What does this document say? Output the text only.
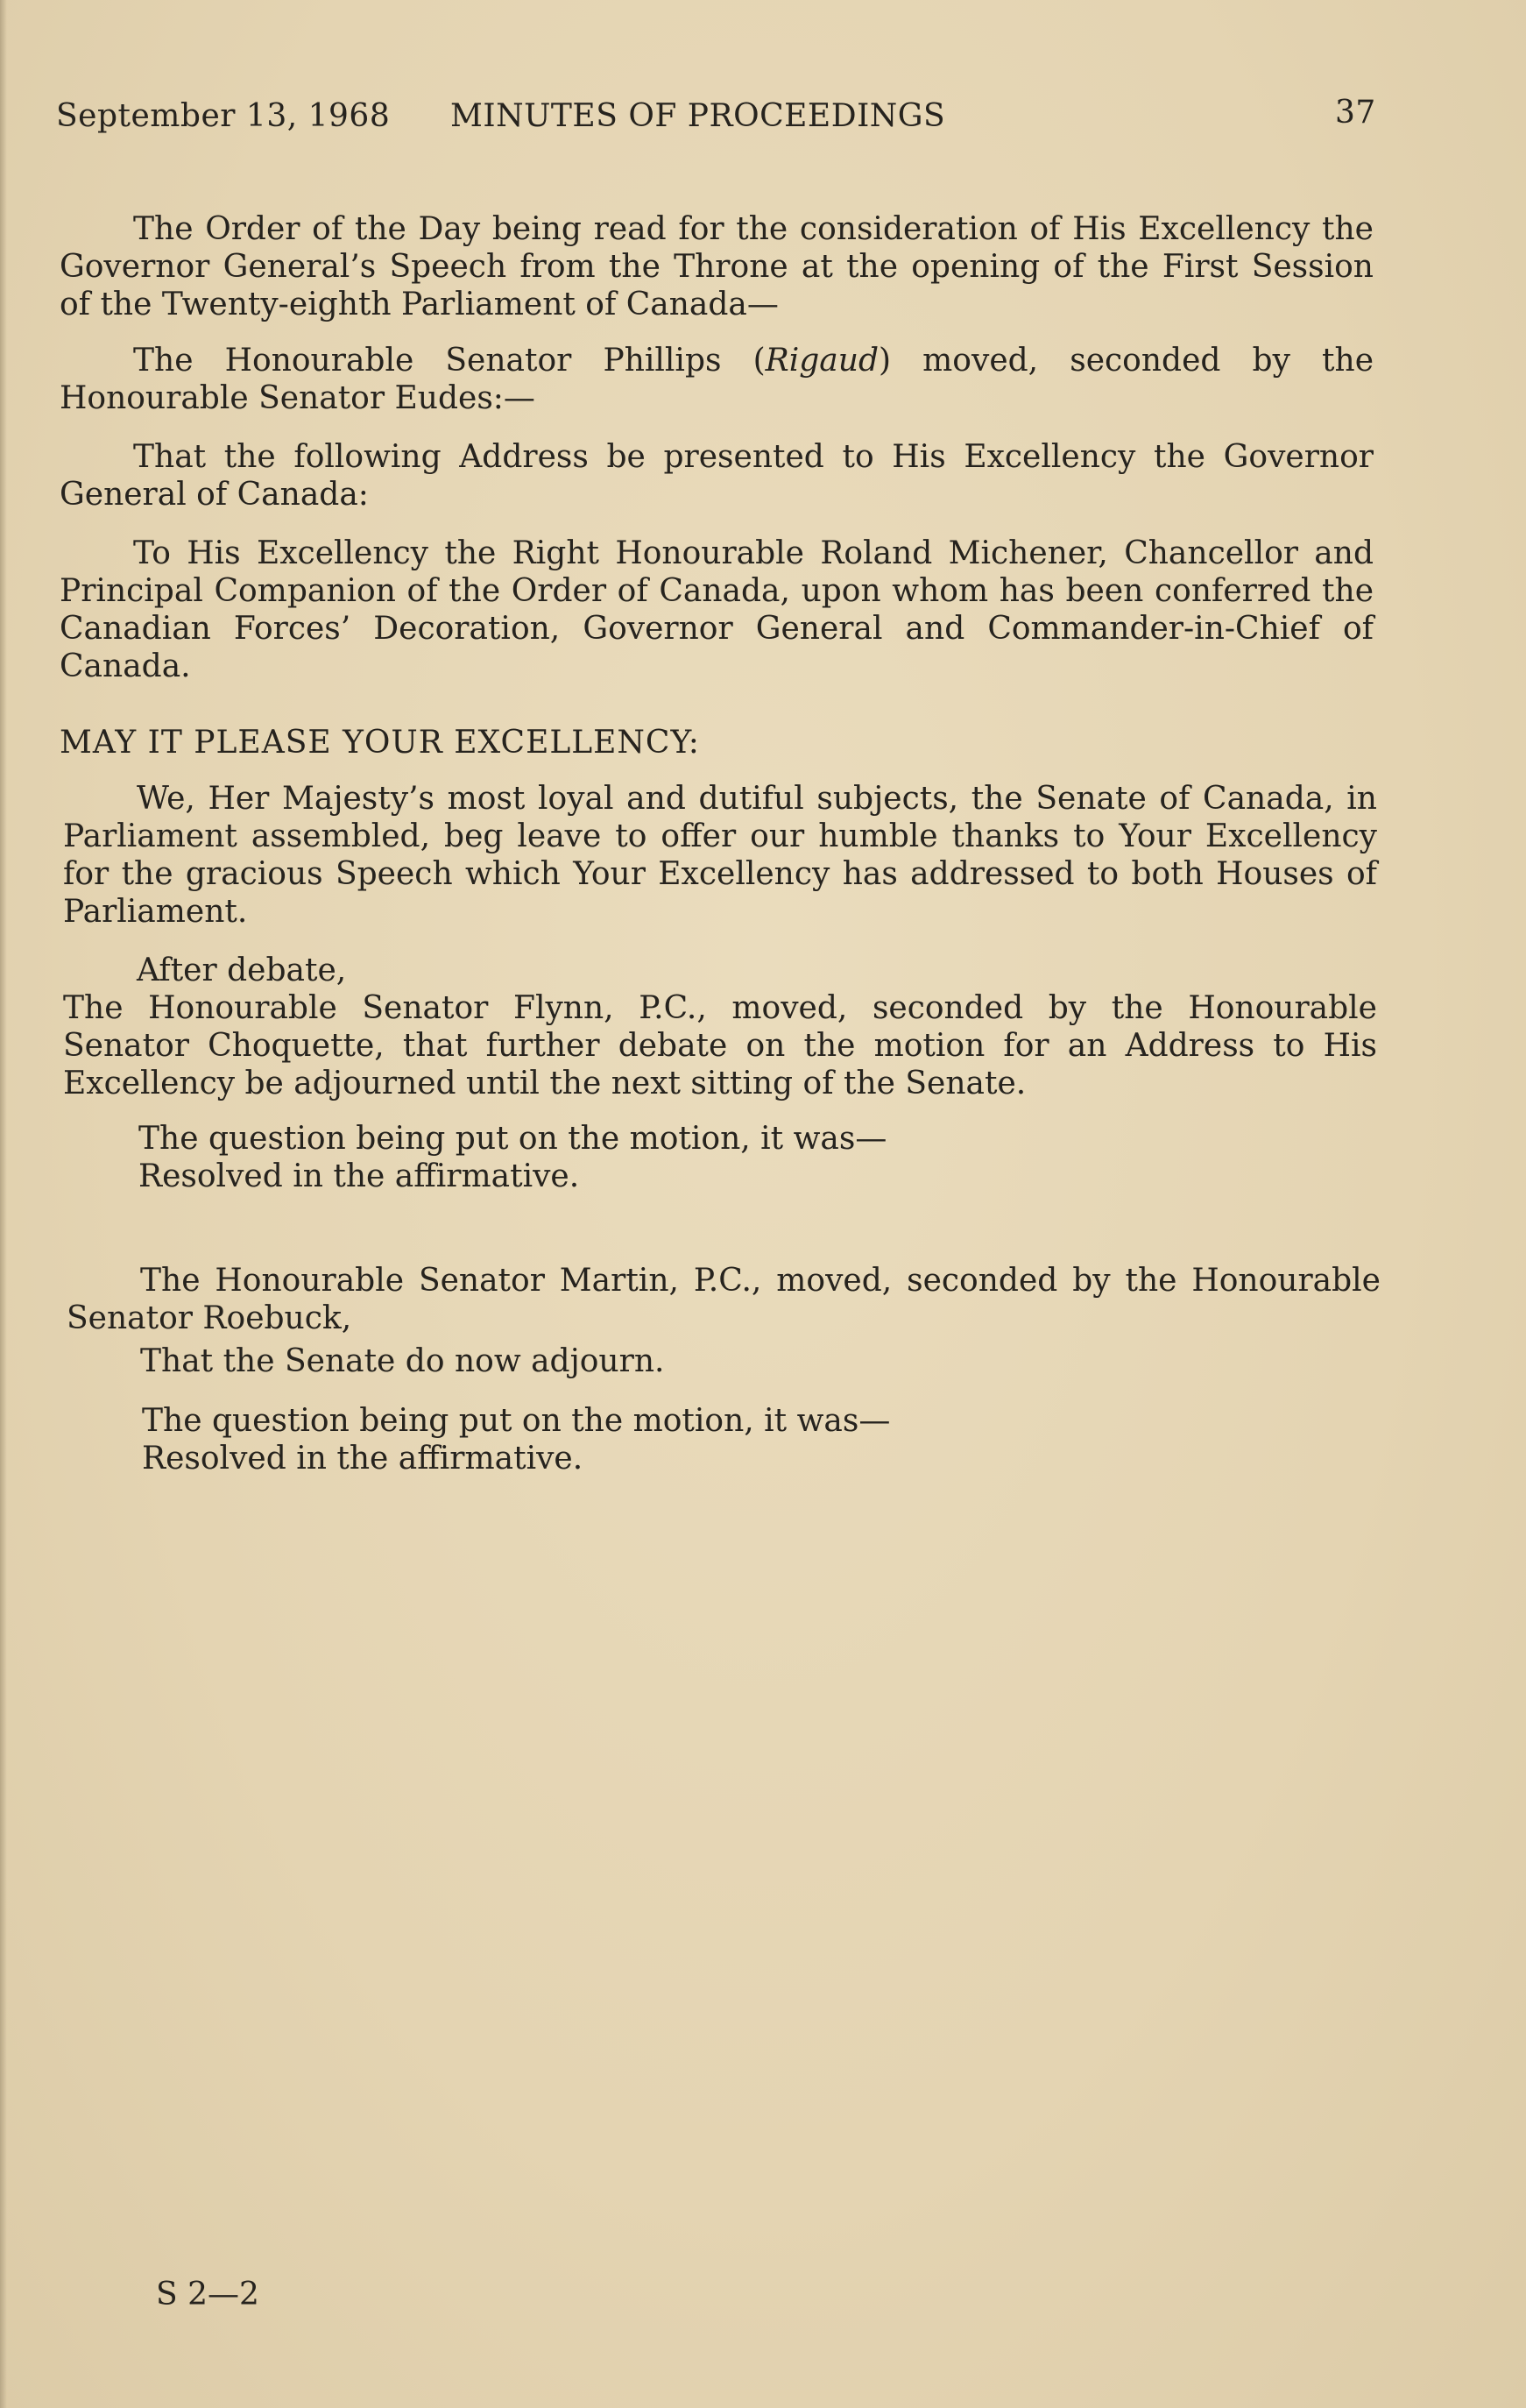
September 13, 1968 MINUTES OF PROCEEDINGS	37

The Order of the Day being read for the consideration of His Excellency the Governor General’s Speech from the Throne at the opening of the First Session of the Twenty-eighth Parliament of Canada—

The Honourable Senator Phillips (Rigaud) moved, seconded by the Honourable Senator Eudes:—

That the following Address be presented to His Excellency the Governor General of Canada:

To His Excellency the Right Honourable Roland Michener, Chancellor and Principal Companion of the Order of Canada, upon whom has been conferred the Canadian Forces’ Decoration, Governor General and Commander-in-Chief of Canada.

MAY IT PLEASE YOUR EXCELLENCY:

We, Her Majesty’s most loyal and dutiful subjects, the Senate of Canada, in Parliament assembled, beg leave to offer our humble thanks to Your Excellency for the gracious Speech which Your Excellency has addressed to both Houses of Parliament.

After debate,
The Honourable Senator Flynn, P.C., moved, seconded by the Honourable Senator Choquette, that further debate on the motion for an Address to His Excellency be adjourned until the next sitting of the Senate.

The question being put on the motion, it was—
Resolved in the affirmative.

The Honourable Senator Martin, P.C., moved, seconded by the Honourable Senator Roebuck,

That the Senate do now adjourn.

The question being put on the motion, it was—
Resolved in the affirmative.

S 2—2
